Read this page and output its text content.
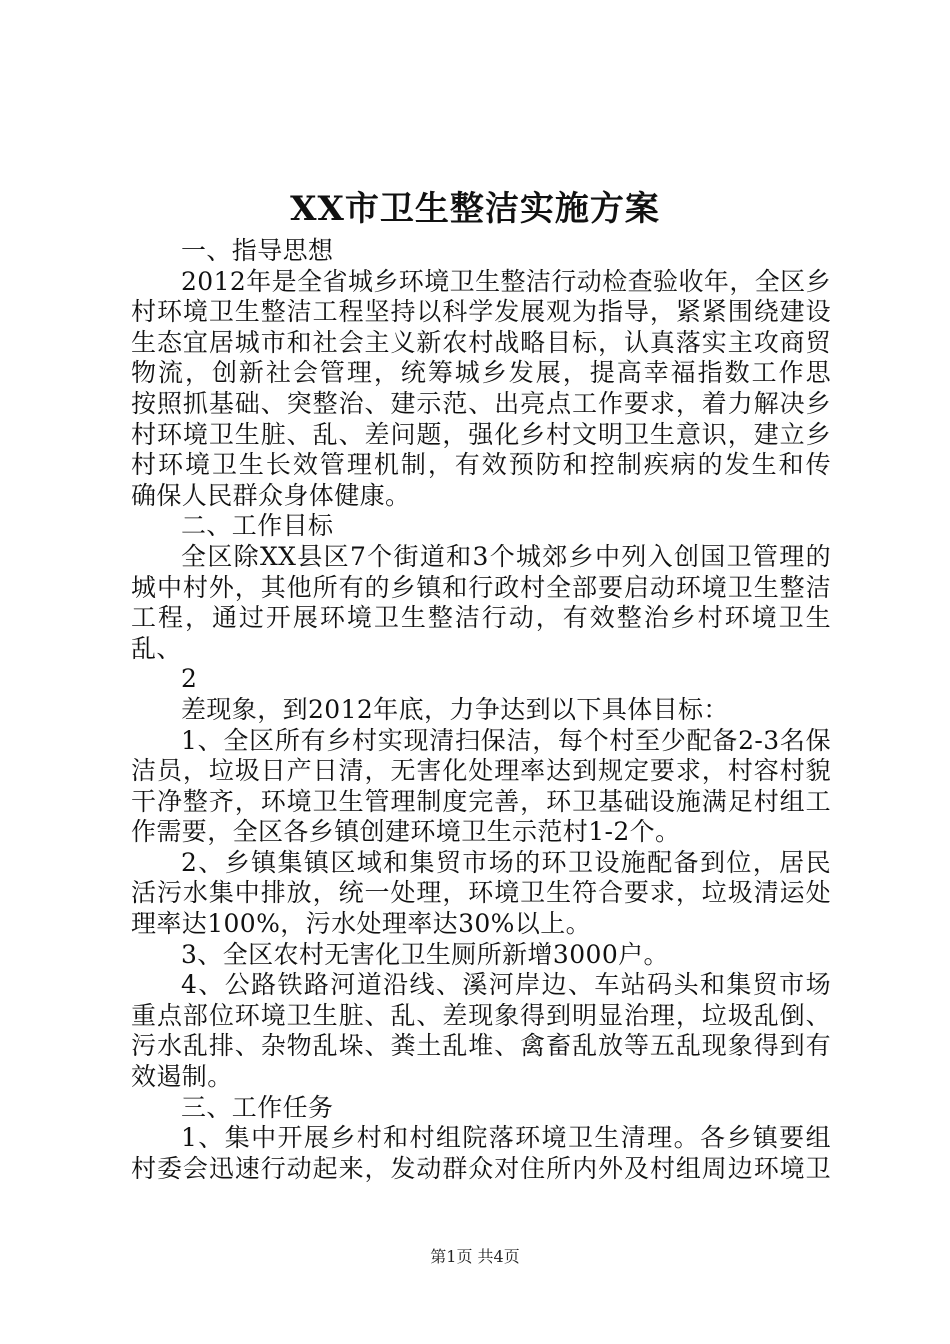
XX市卫生整洁实施方案
一、指导思想
2012年是全省城乡环境卫生整洁行动检查验收年，全区乡
村环境卫生整洁工程坚持以科学发展观为指导，紧紧围绕建设
生态宜居城市和社会主义新农村战略目标，认真落实主攻商贸
物流，创新社会管理，统筹城乡发展，提高幸福指数工作思
按照抓基础、突整治、建示范、出亮点工作要求，着力解决乡
村环境卫生脏、乱、差问题，强化乡村文明卫生意识，建立乡
村环境卫生长效管理机制，有效预防和控制疾病的发生和传
确保人民群众身体健康。
二、工作目标
全区除XX县区7个街道和3个城郊乡中列入创国卫管理的
城中村外，其他所有的乡镇和行政村全部要启动环境卫生整洁
工程，通过开展环境卫生整洁行动，有效整治乡村环境卫生
乱、
2
差现象，到2012年底，力争达到以下具体目标：
1、全区所有乡村实现清扫保洁，每个村至少配备2-3名保
洁员，垃圾日产日清，无害化处理率达到规定要求，村容村貌
干净整齐，环境卫生管理制度完善，环卫基础设施满足村组工
作需要，全区各乡镇创建环境卫生示范村1-2个。
2、乡镇集镇区域和集贸市场的环卫设施配备到位，居民
活污水集中排放，统一处理，环境卫生符合要求，垃圾清运处
理率达100%，污水处理率达30%以上。
3、全区农村无害化卫生厕所新增3000户。
4、公路铁路河道沿线、溪河岸边、车站码头和集贸市场
重点部位环境卫生脏、乱、差现象得到明显治理，垃圾乱倒、
污水乱排、杂物乱垛、粪土乱堆、禽畜乱放等五乱现象得到有
效遏制。
三、工作任务
1、集中开展乡村和村组院落环境卫生清理。各乡镇要组
村委会迅速行动起来，发动群众对住所内外及村组周边环境卫
第1页 共4页
